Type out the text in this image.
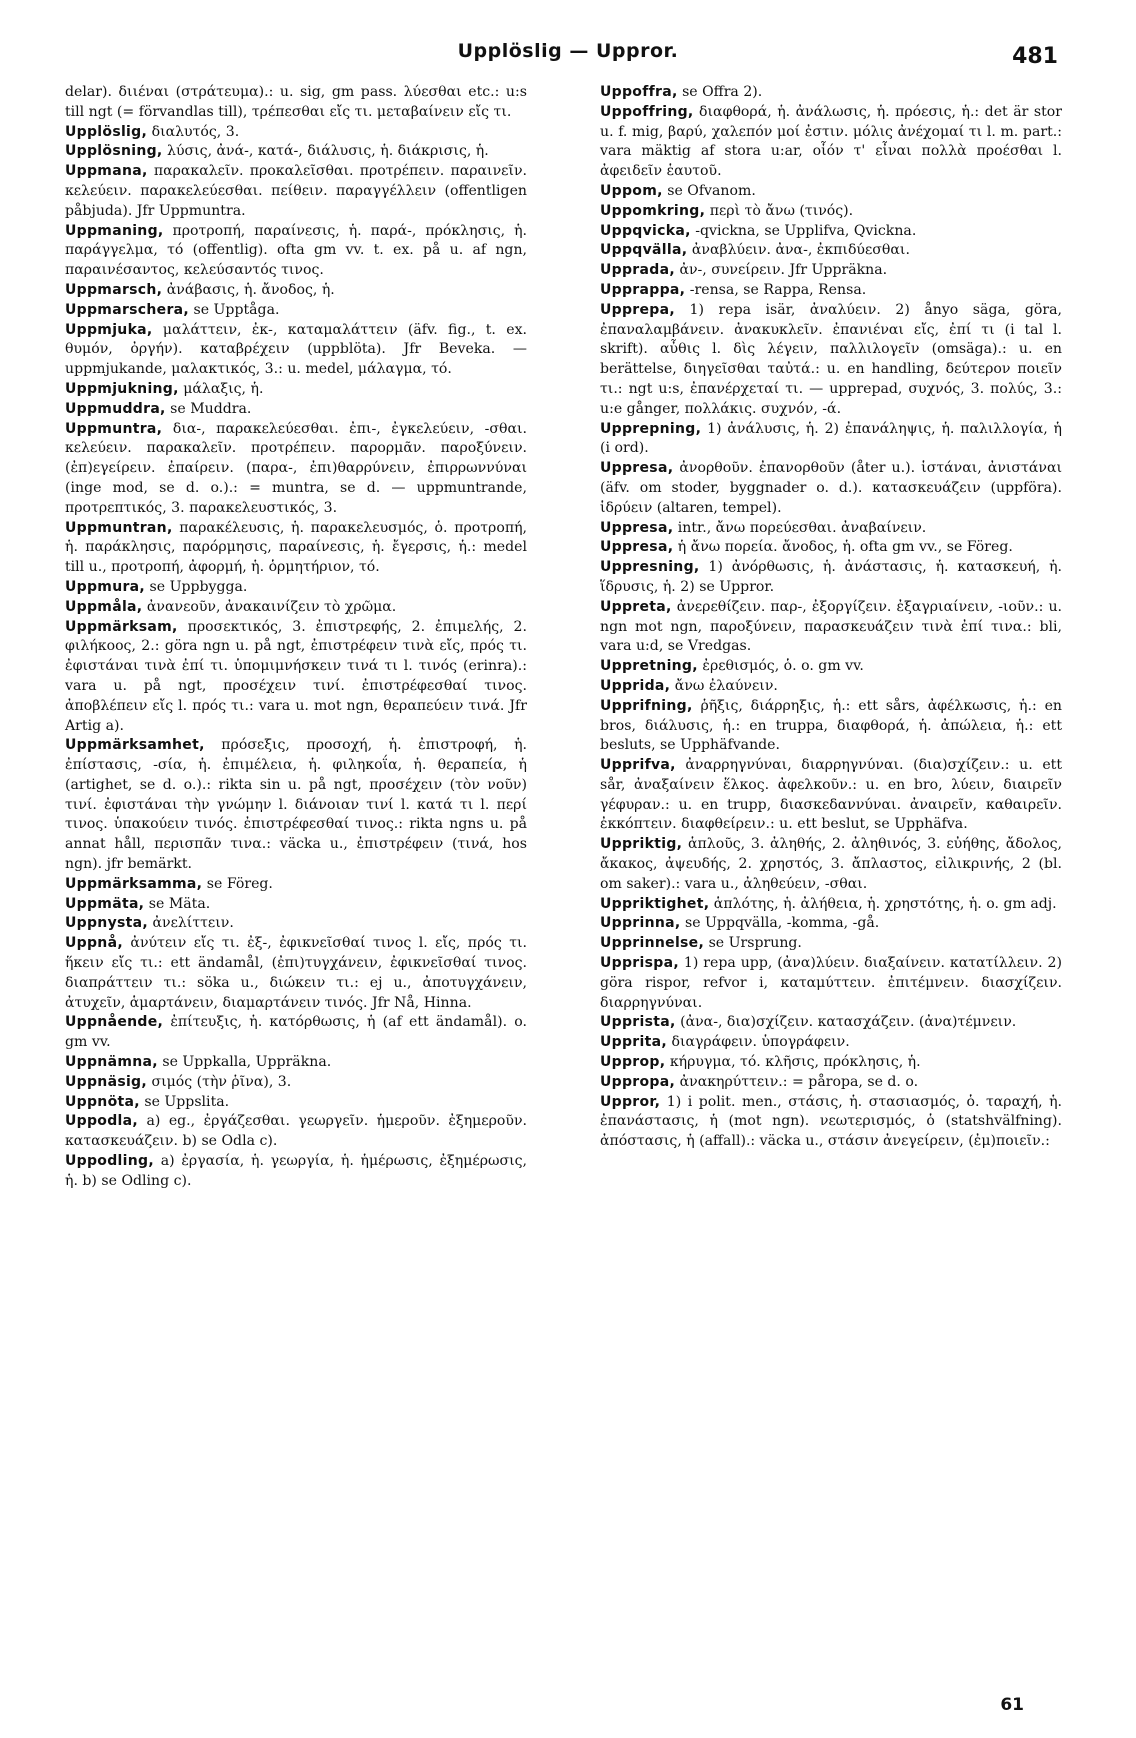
Upplöslig — Uppror.	481

delar). διιέναι (στράτευμα).: u. sig, gm pass. λύεσθαι etc.: u:s till ngt (= förvandlas till), τρέπεσθαι εἴς τι. μεταβαίνειν εἴς τι.

Upplöslig, διαλυτός, 3.

Upplösning, λύσις, ἀνά-, κατά-, διάλυσις, ἡ. διάκρισις, ἡ.

Uppmana, παρακαλεῖν. προκαλεῖσθαι. προτρέπειν. παραινεῖν. κελεύειν. παρακελεύεσθαι. πείθειν. παραγγέλλειν (offentligen påbjuda). Jfr Uppmuntra.

Uppmaning, προτροπή, παραίνεσις, ἡ. παρά-, πρόκλησις, ἡ. παράγγελμα, τό (offentlig). ofta gm vv. t. ex. på u. af ngn, παραινέσαντος, κελεύσαντός τινος.

Uppmarsch, ἀνάβασις, ἡ. ἄνοδος, ἡ.

Uppmarschera, se Upptåga.

Uppmjuka, μαλάττειν, ἐκ-, καταμαλάττειν (äfv. fig., t. ex. θυμόν, ὀργήν). καταβρέχειν (uppblöta). Jfr Beveka. — uppmjukande, μαλακτικός, 3.: u. medel, μάλαγμα, τό.

Uppmjukning, μάλαξις, ἡ.

Uppmuddra, se Muddra.

Uppmuntra, δια-, παρακελεύεσθαι. ἐπι-, ἐγκελεύειν, -σθαι. κελεύειν. παρακαλεῖν. προτρέπειν. παρορμᾶν. παροξύνειν. (ἐπ)εγείρειν. ἐπαίρειν. (παρα-, ἐπι)θαρρύνειν, ἐπιρρωννύναι (inge mod, se d. o.).: = muntra, se d. — uppmuntrande, προτρεπτικός, 3. παρακελευστικός, 3.

Uppmuntran, παρακέλευσις, ἡ. παρακελευσμός, ὁ. προτροπή, ἡ. παράκλησις, παρόρμησις, παραίνεσις, ἡ. ἔγερσις, ἡ.: medel till u., προτροπή, ἀφορμή, ἡ. ὁρμητήριον, τό.

Uppmura, se Uppbygga.

Uppmåla, ἀνανεοῦν, ἀνακαινίζειν τὸ χρῶμα.

Uppmärksam, προσεκτικός, 3. ἐπιστρεφής, 2. ἐπιμελής, 2. φιλήκοος, 2.: göra ngn u. på ngt, ἐπιστρέφειν τινὰ εἴς, πρός τι. ἐφιστάναι τινὰ ἐπί τι. ὑπομιμνήσκειν τινά τι l. τινός (erinra).: vara u. på ngt, προσέχειν τινί. ἐπιστρέφεσθαί τινος. ἀποβλέπειν εἴς l. πρός τι.: vara u. mot ngn, θεραπεύειν τινά. Jfr Artig a).

Uppmärksamhet, πρόσεξις, προσοχή, ἡ. ἐπιστροφή, ἡ. ἐπίστασις, -σία, ἡ. ἐπιμέλεια, ἡ. φιληκοΐα, ἡ. θεραπεία, ἡ (artighet, se d. o.).: rikta sin u. på ngt, προσέχειν (τὸν νοῦν) τινί. ἐφιστάναι τὴν γνώμην l. διάνοιαν τινί l. κατά τι l. περί τινος. ὑπακούειν τινός. ἐπιστρέφεσθαί τινος.: rikta ngns u. på annat håll, περισπᾶν τινα.: väcka u., ἐπιστρέφειν (τινά, hos ngn). jfr bemärkt.

Uppmärksamma, se Föreg.

Uppmäta, se Mäta.

Uppnysta, ἀνελίττειν.

Uppnå, ἀνύτειν εἴς τι. ἐξ-, ἐφικνεῖσθαί τινος l. εἴς, πρός τι. ἥκειν εἴς τι.: ett ändamål, (ἐπι)τυγχάνειν, ἐφικνεῖσθαί τινος. διαπράττειν τι.: söka u., διώκειν τι.: ej u., ἀποτυγχάνειν, ἀτυχεῖν, ἁμαρτάνειν, διαμαρτάνειν τινός. Jfr Nå, Hinna.

Uppnående, ἐπίτευξις, ἡ. κατόρθωσις, ἡ (af ett ändamål). o. gm vv.

Uppnämna, se Uppkalla, Uppräkna.

Uppnäsig, σιμός (τὴν ῥῖνα), 3.

Uppnöta, se Uppslita.

Uppodla, a) eg., ἐργάζεσθαι. γεωργεῖν. ἡμεροῦν. ἐξημεροῦν. κατασκευάζειν. b) se Odla c).

Uppodling, a) ἐργασία, ἡ. γεωργία, ἡ. ἡμέρωσις, ἐξημέρωσις, ἡ. b) se Odling c).

Uppoffra, se Offra 2).

Uppoffring, διαφθορά, ἡ. ἀνάλωσις, ἡ. πρόεσις, ἡ.: det är stor u. f. mig, βαρύ, χαλεπόν μοί ἐστιν. μόλις ἀνέχομαί τι l. m. part.: vara mäktig af stora u:ar, οἷόν τ' εἶναι πολλὰ προέσθαι l. ἀφειδεῖν ἑαυτοῦ.

Uppom, se Ofvanom.

Uppomkring, περὶ τὸ ἄνω (τινός).

Uppqvicka, -qvickna, se Upplifva, Qvickna.

Uppqvälla, ἀναβλύειν. ἀνα-, ἐκπιδύεσθαι.

Upprada, ἀν-, συνείρειν. Jfr Uppräkna.

Upprappa, -rensa, se Rappa, Rensa.

Upprepa, 1) repa isär, ἀναλύειν. 2) ånyo säga, göra, ἐπαναλαμβάνειν. ἀνακυκλεῖν. ἐπανιέναι εἴς, ἐπί τι (i tal l. skrift). αὖθις l. δὶς λέγειν, παλλιλογεῖν (omsäga).: u. en berättelse, διηγεῖσθαι ταὐτά.: u. en handling, δεύτερον ποιεῖν τι.: ngt u:s, ἐπανέρχεταί τι. — upprepad, συχνός, 3. πολύς, 3.: u:e gånger, πολλάκις. συχνόν, -ά.

Upprepning, 1) ἀνάλυσις, ἡ. 2) ἐπανάληψις, ἡ. παλιλλογία, ἡ (i ord).

Uppresa, ἀνορθοῦν. ἐπανορθοῦν (åter u.). ἱστάναι, ἀνιστάναι (äfv. om stoder, byggnader o. d.). κατασκευάζειν (uppföra). ἱδρύειν (altaren, tempel).

Uppresa, intr., ἄνω πορεύεσθαι. ἀναβαίνειν.

Uppresa, ἡ ἄνω πορεία. ἄνοδος, ἡ. ofta gm vv., se Föreg.

Uppresning, 1) ἀνόρθωσις, ἡ. ἀνάστασις, ἡ. κατασκευή, ἡ. ἵδρυσις, ἡ. 2) se Uppror.

Uppreta, ἀνερεθίζειν. παρ-, ἐξοργίζειν. ἐξαγριαίνειν, -ιοῦν.: u. ngn mot ngn, παροξύνειν, παρασκευάζειν τινὰ ἐπί τινα.: bli, vara u:d, se Vredgas.

Uppretning, ἐρεθισμός, ὁ. o. gm vv.

Upprida, ἄνω ἐλαύνειν.

Upprifning, ῥῆξις, διάρρηξις, ἡ.: ett sårs, ἀφέλκωσις, ἡ.: en bros, διάλυσις, ἡ.: en truppa, διαφθορά, ἡ. ἀπώλεια, ἡ.: ett besluts, se Upphäfvande.

Upprifva, ἀναρρηγνύναι, διαρρηγνύναι. (δια)σχίζειν.: u. ett sår, ἀναξαίνειν ἕλκος. ἀφελκοῦν.: u. en bro, λύειν, διαιρεῖν γέφυραν.: u. en trupp, διασκεδαννύναι. ἀναιρεῖν, καθαιρεῖν. ἐκκόπτειν. διαφθείρειν.: u. ett beslut, se Upphäfva.

Uppriktig, ἁπλοῦς, 3. ἀληθής, 2. ἀληθινός, 3. εὐήθης, ἄδολος, ἄκακος, ἀψευδής, 2. χρηστός, 3. ἄπλαστος, εἰλικρινής, 2 (bl. om saker).: vara u., ἀληθεύειν, -σθαι.

Uppriktighet, ἁπλότης, ἡ. ἀλήθεια, ἡ. χρηστότης, ἡ. o. gm adj.

Upprinna, se Uppqvälla, -komma, -gå.

Upprinnelse, se Ursprung.

Upprispa, 1) repa upp, (ἀνα)λύειν. διαξαίνειν. κατατίλλειν. 2) göra rispor, refvor i, καταμύττειν. ἐπιτέμνειν. διασχίζειν. διαρρηγνύναι.

Upprista, (ἀνα-, δια)σχίζειν. κατασχάζειν. (ἀνα)τέμνειν.

Upprita, διαγράφειν. ὑπογράφειν.

Upprop, κήρυγμα, τό. κλῆσις, πρόκλησις, ἡ.

Uppropa, ἀνακηρύττειν.: = påropa, se d. o.

Uppror, 1) i polit. men., στάσις, ἡ. στασιασμός, ὁ. ταραχή, ἡ. ἐπανάστασις, ἡ (mot ngn). νεωτερισμός, ὁ (statshvälfning). ἀπόστασις, ἡ (affall).: väcka u., στάσιν ἀνεγείρειν, (ἐμ)ποιεῖν.:

61
